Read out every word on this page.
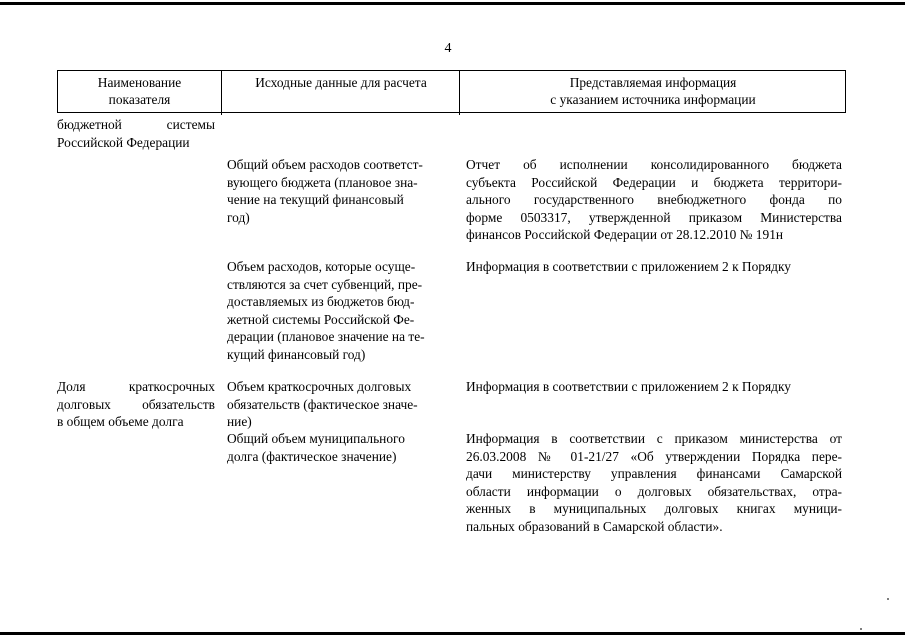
4
Наименование
показателя
Исходные данные для расчета	Представляемая информация
с указанием источника информации
бюджетной системы
Российской Федерации
Общий объем расходов соответст-
вующего бюджета (плановое зна-
чение на текущий финансовый
год)
Отчет об исполнении консолидированного бюджета
субъекта Российской Федерации и бюджета территори-
ального государственного внебюджетного фонда по
форме 0503317, утвержденной приказом Министерства
финансов Российской Федерации от 28.12.2010 № 191н
Объем расходов, которые осуще-
ствляются за счет субвенций, пре-
доставляемых из бюджетов бюд-
жетной системы Российской Фе-
дерации (плановое значение на те-
кущий финансовый год)
Информация в соответствии с приложением 2 к Порядку
Доля краткосрочных
долговых обязательств
в общем объеме долга
Объем краткосрочных долговых
обязательств (фактическое значе-
ние)
Информация в соответствии с приложением 2 к Порядку
Общий объем муниципального
долга (фактическое значение)
Информация в соответствии с приказом министерства от
26.03.2008 № 01-21/27 «Об утверждении Порядка пере-
дачи министерству управления финансами Самарской
области информации о долговых обязательствах, отра-
женных в муниципальных долговых книгах муници-
пальных образований в Самарской области».
